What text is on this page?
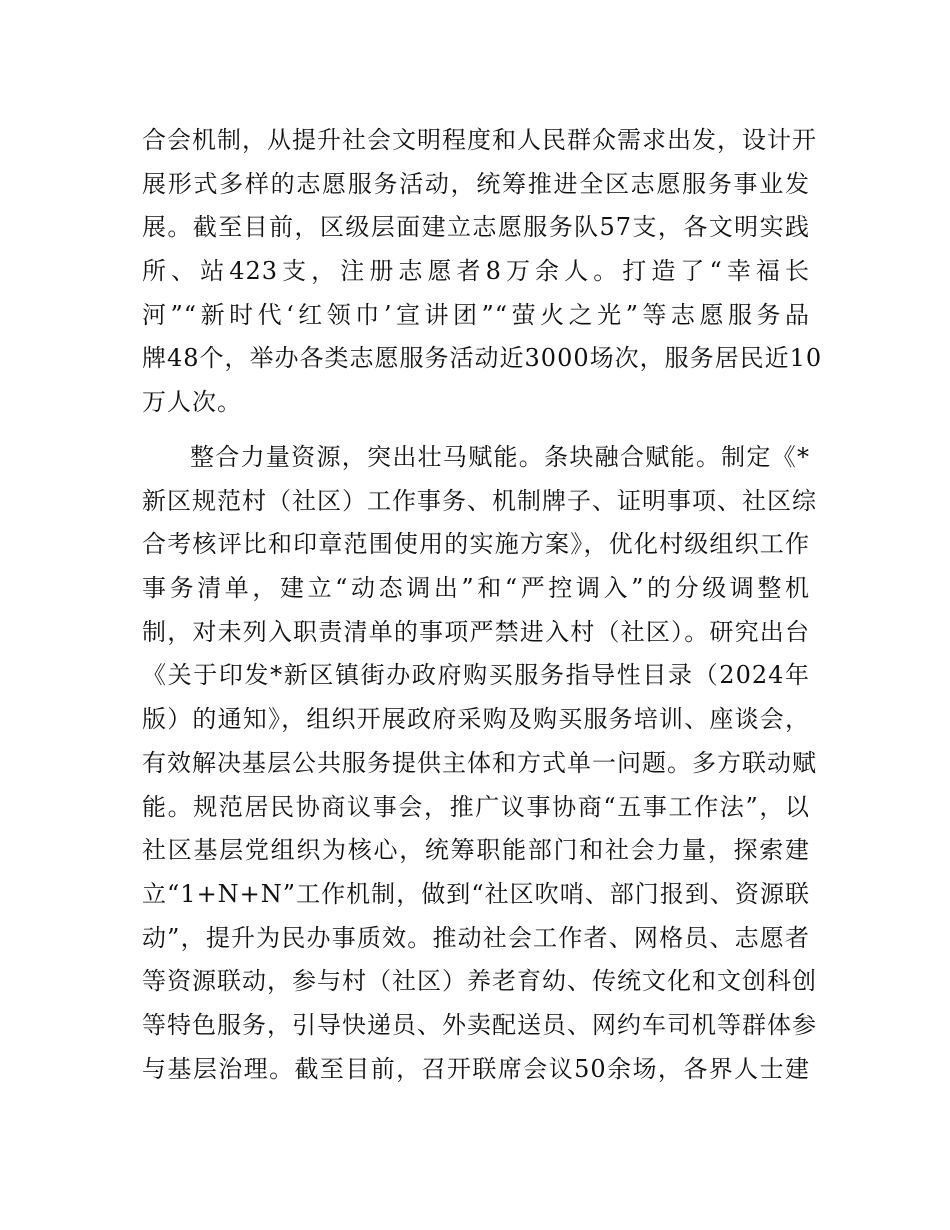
合会机制，从提升社会文明程度和人民群众需求出发，设计开
展形式多样的志愿服务活动，统筹推进全区志愿服务事业发
展。截至目前，区级层面建立志愿服务队57支，各文明实践
所、站423支，注册志愿者8万余人。打造了“幸福长
河”“新时代‘红领巾’宣讲团”“萤火之光”等志愿服务品
牌48个，举办各类志愿服务活动近3000场次，服务居民近10
万人次。
整合力量资源，突出壮马赋能。条块融合赋能。制定《*
新区规范村（社区）工作事务、机制牌子、证明事项、社区综
合考核评比和印章范围使用的实施方案》，优化村级组织工作
事务清单，建立“动态调出”和“严控调入”的分级调整机
制，对未列入职责清单的事项严禁进入村（社区）。研究出台
《关于印发*新区镇街办政府购买服务指导性目录（2024年
版）的通知》，组织开展政府采购及购买服务培训、座谈会，
有效解决基层公共服务提供主体和方式单一问题。多方联动赋
能。规范居民协商议事会，推广议事协商“五事工作法”，以
社区基层党组织为核心，统筹职能部门和社会力量，探索建
立“1+N+N”工作机制，做到“社区吹哨、部门报到、资源联
动”，提升为民办事质效。推动社会工作者、网格员、志愿者
等资源联动，参与村（社区）养老育幼、传统文化和文创科创
等特色服务，引导快递员、外卖配送员、网约车司机等群体参
与基层治理。截至目前，召开联席会议50余场，各界人士建
